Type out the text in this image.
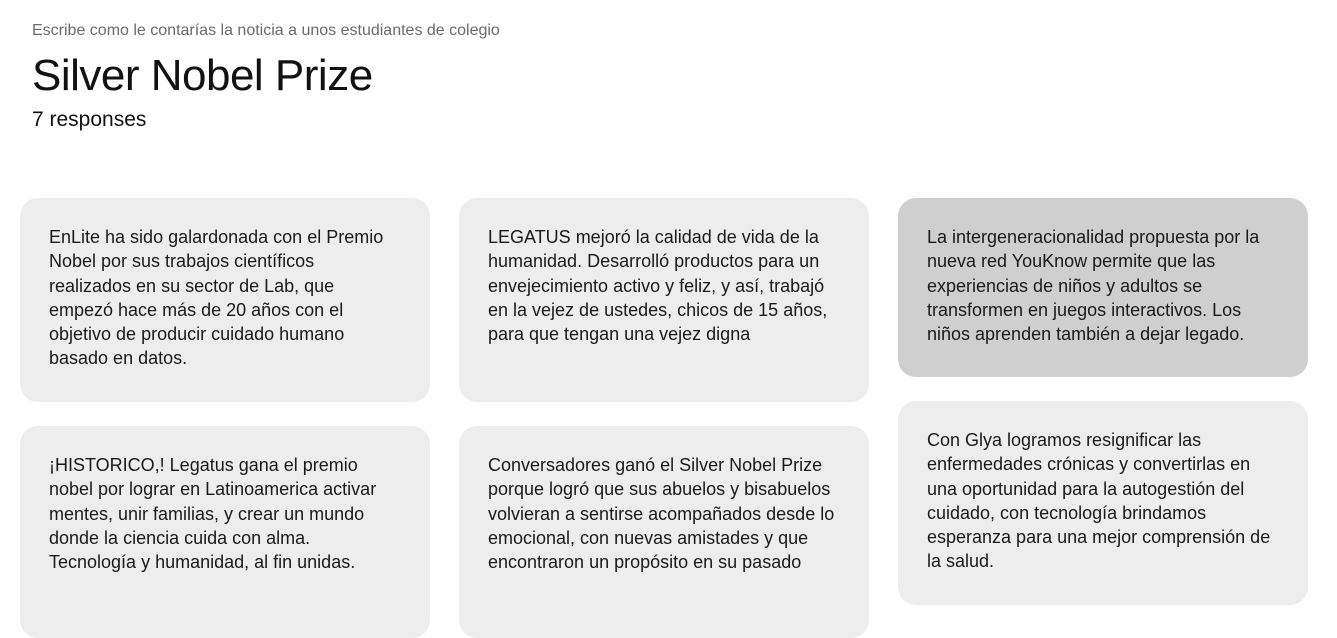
Escribe como le contarías la noticia a unos estudiantes de colegio

Silver Nobel Prize

7 responses

EnLite ha sido galardonada con el Premio Nobel por sus trabajos científicos realizados en su sector de Lab, que empezó hace más de 20 años con el objetivo de producir cuidado humano basado en datos.

LEGATUS mejoró la calidad de vida de la humanidad. Desarrolló productos para un envejecimiento activo y feliz, y así, trabajó en la vejez de ustedes, chicos de 15 años, para que tengan una vejez digna

La intergeneracionalidad propuesta por la nueva red YouKnow permite que las experiencias de niños y adultos se transformen en juegos interactivos. Los niños aprenden también a dejar legado.

¡HISTORICO,! Legatus gana el premio nobel por lograr en Latinoamerica activar mentes, unir familias, y crear un mundo donde la ciencia cuida con alma. Tecnología y humanidad, al fin unidas.

Conversadores ganó el Silver Nobel Prize porque logró que sus abuelos y bisabuelos volvieran a sentirse acompañados desde lo emocional, con nuevas amistades y que encontraron un propósito en su pasado

Con Glya logramos resignificar las enfermedades crónicas y convertirlas en una oportunidad para la autogestión del cuidado, con tecnología brindamos esperanza para una mejor comprensión de la salud.
